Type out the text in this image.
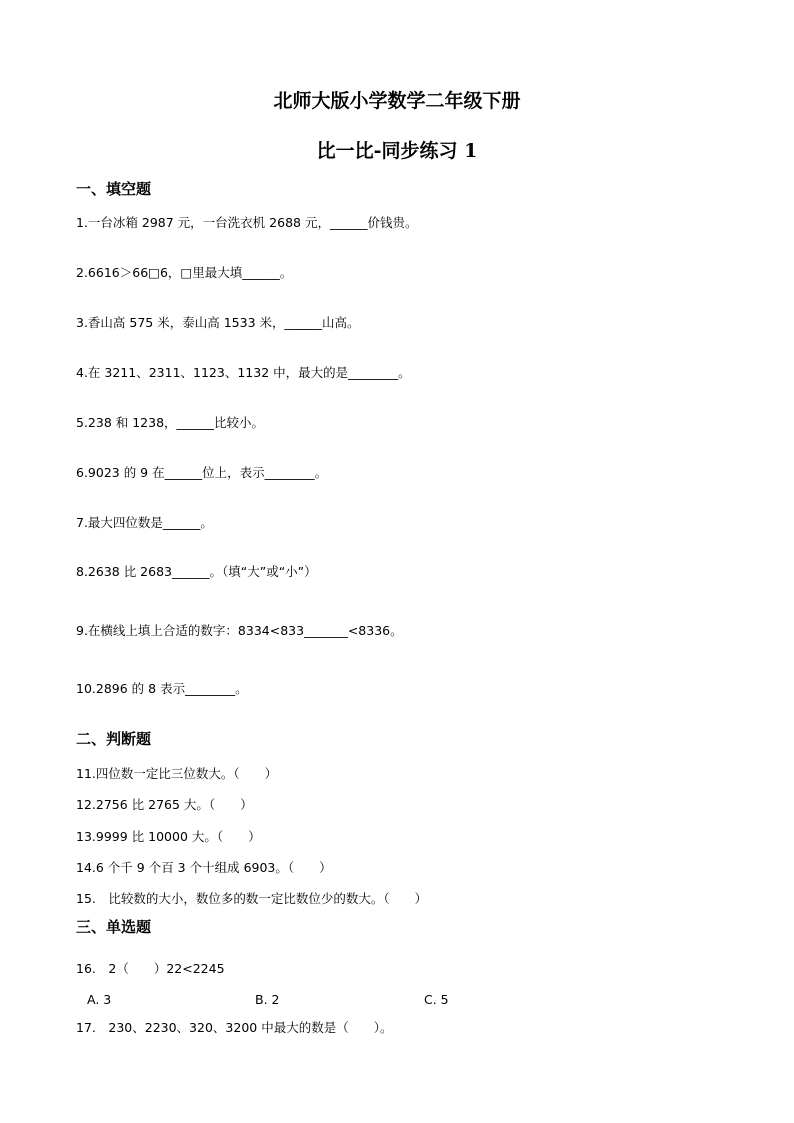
北师大版小学数学二年级下册
比一比-同步练习 1
一、填空题
1.一台冰箱 2987 元，一台洗衣机 2688 元，______价钱贵。
2.6616＞66□6，□里最大填______。
3.香山高 575 米，泰山高 1533 米，______山高。
4.在 3211、2311、1123、1132 中，最大的是________。
5.238 和 1238，______比较小。
6.9023 的 9 在______位上，表示________。
7.最大四位数是______。
8.2638 比 2683______。（填“大”或“小”）
9.在横线上填上合适的数字：8334<833_______<8336。
10.2896 的 8 表示________。
二、判断题
11.四位数一定比三位数大。（　　）
12.2756 比 2765 大。（　　）
13.9999 比 10000 大。（　　）
14.6 个千 9 个百 3 个十组成 6903。（　　）
15.　比较数的大小，数位多的数一定比数位少的数大。（　　）
三、单选题
16.　2（　　）22<2245
A. 3	B. 2	C. 5
17.　230、2230、320、3200 中最大的数是（　　）。
